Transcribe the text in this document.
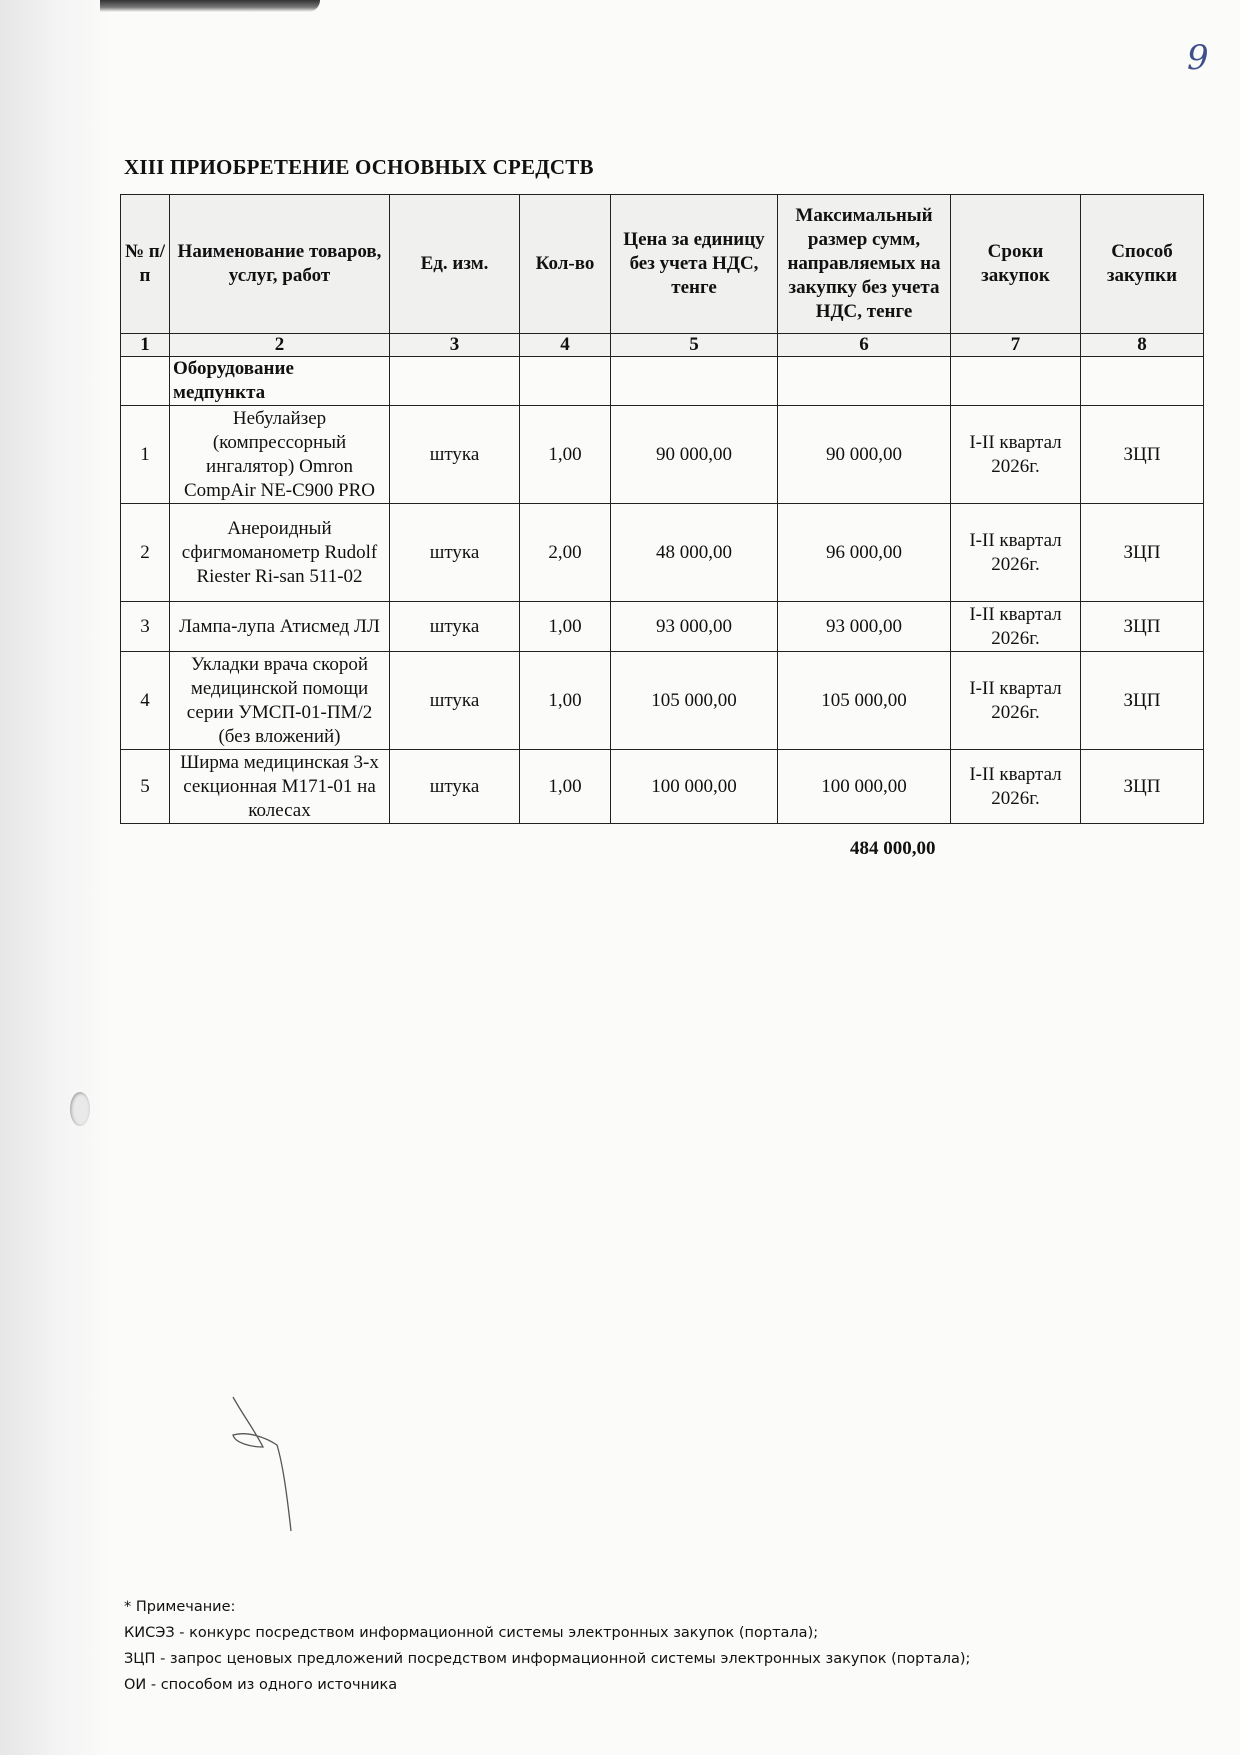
9
XIII ПРИОБРЕТЕНИЕ ОСНОВНЫХ СРЕДСТВ
№ п/п	Наименование товаров, услуг, работ	Ед. изм.	Кол-во	Цена за единицу без учета НДС, тенге	Максимальный размер сумм, направляемых на закупку без учета НДС, тенге	Сроки закупок	Способ закупки
1	2	3	4	5	6	7	8
	Оборудование медпункта						
1	Небулайзер (компрессорный ингалятор) Omron CompAir NE-C900 PRO	штука	1,00	90 000,00	90 000,00	I-II квартал 2026г.	ЗЦП
2	Анероидный сфигмоманометр Rudolf Riester Ri-san 511-02	штука	2,00	48 000,00	96 000,00	I-II квартал 2026г.	ЗЦП
3	Лампа-лупа Атисмед ЛЛ	штука	1,00	93 000,00	93 000,00	I-II квартал 2026г.	ЗЦП
4	Укладки врача скорой медицинской помощи серии УМСП-01-ПМ/2 (без вложений)	штука	1,00	105 000,00	105 000,00	I-II квартал 2026г.	ЗЦП
5	Ширма медицинская 3-х секционная М171-01 на колесах	штука	1,00	100 000,00	100 000,00	I-II квартал 2026г.	ЗЦП
484 000,00
* Примечание:
КИСЭЗ - конкурс посредством информационной системы электронных закупок (портала);
ЗЦП - запрос ценовых предложений посредством информационной системы электронных закупок (портала);
ОИ - способом из одного источника
